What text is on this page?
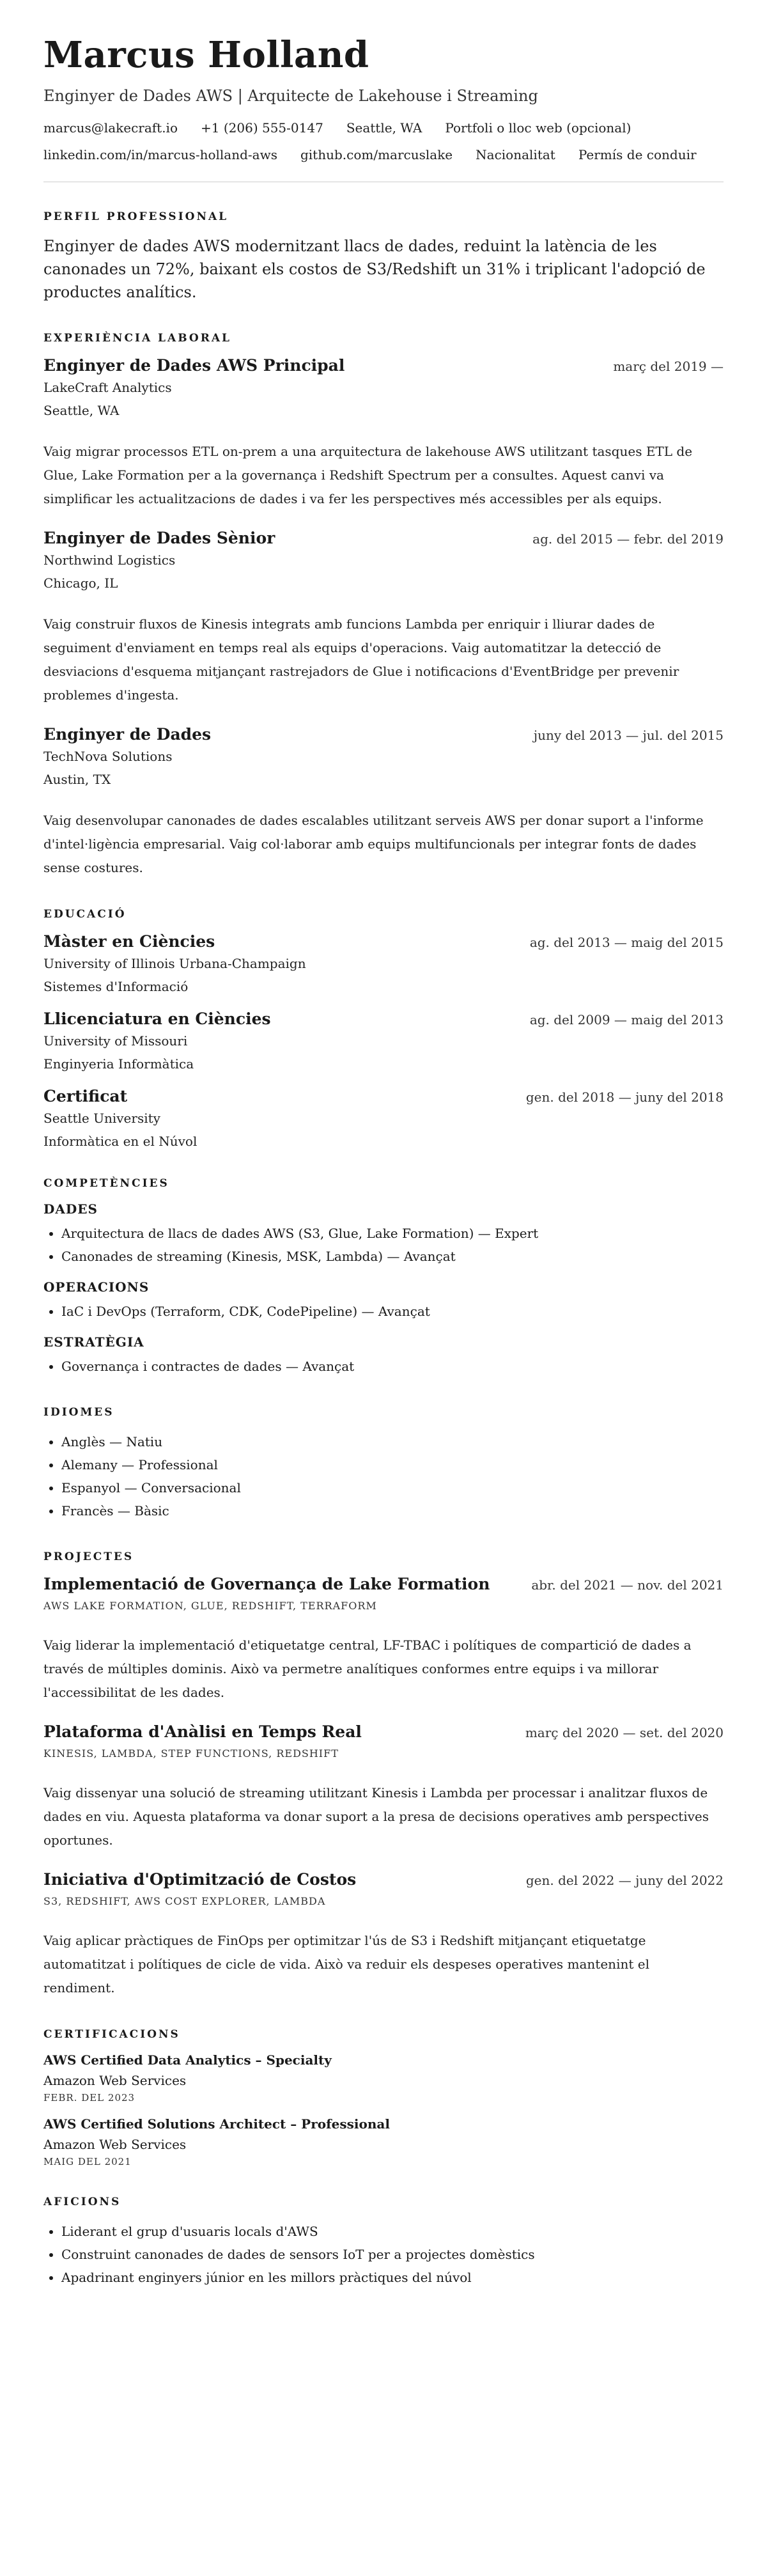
Marcus Holland
Enginyer de Dades AWS | Arquitecte de Lakehouse i Streaming
marcus@lakecraft.io +1 (206) 555-0147 Seattle, WA Portfoli o lloc web (opcional)
linkedin.com/in/marcus-holland-aws github.com/marcuslake Nacionalitat Permís de conduir
PERFIL PROFESSIONAL

Enginyer de dades AWS modernitzant llacs de dades, reduint la latència de les canonades un 72%, baixant els costos de S3/Redshift un 31% i triplicant l'adopció de productes analítics.

EXPERIÈNCIA LABORAL
Enginyer de Dades AWS Principal	març del 2019 —
LakeCraft Analytics
Seattle, WA
Vaig migrar processos ETL on-prem a una arquitectura de lakehouse AWS utilitzant tasques ETL de Glue, Lake Formation per a la governança i Redshift Spectrum per a consultes. Aquest canvi va simplificar les actualitzacions de dades i va fer les perspectives més accessibles per als equips.
Enginyer de Dades Sènior	ag. del 2015 — febr. del 2019
Northwind Logistics
Chicago, IL
Vaig construir fluxos de Kinesis integrats amb funcions Lambda per enriquir i lliurar dades de seguiment d'enviament en temps real als equips d'operacions. Vaig automatitzar la detecció de desviacions d'esquema mitjançant rastrejadors de Glue i notificacions d'EventBridge per prevenir problemes d'ingesta.
Enginyer de Dades	juny del 2013 — jul. del 2015
TechNova Solutions
Austin, TX
Vaig desenvolupar canonades de dades escalables utilitzant serveis AWS per donar suport a l'informe d'intel·ligència empresarial. Vaig col·laborar amb equips multifuncionals per integrar fonts de dades sense costures.
EDUCACIÓ
Màster en Ciències	ag. del 2013 — maig del 2015
University of Illinois Urbana-Champaign
Sistemes d'Informació
Llicenciatura en Ciències	ag. del 2009 — maig del 2013
University of Missouri
Enginyeria Informàtica
Certificat	gen. del 2018 — juny del 2018
Seattle University
Informàtica en el Núvol
COMPETÈNCIES
DADES
• Arquitectura de llacs de dades AWS (S3, Glue, Lake Formation) — Expert
• Canonades de streaming (Kinesis, MSK, Lambda) — Avançat
OPERACIONS
• IaC i DevOps (Terraform, CDK, CodePipeline) — Avançat
ESTRATÈGIA
• Governança i contractes de dades — Avançat
IDIOMES
• Anglès — Natiu
• Alemany — Professional
• Espanyol — Conversacional
• Francès — Bàsic
PROJECTES
Implementació de Governança de Lake Formation	abr. del 2021 — nov. del 2021
AWS LAKE FORMATION, GLUE, REDSHIFT, TERRAFORM
Vaig liderar la implementació d'etiquetatge central, LF-TBAC i polítiques de compartició de dades a través de múltiples dominis. Això va permetre analítiques conformes entre equips i va millorar l'accessibilitat de les dades.
Plataforma d'Anàlisi en Temps Real	març del 2020 — set. del 2020
KINESIS, LAMBDA, STEP FUNCTIONS, REDSHIFT
Vaig dissenyar una solució de streaming utilitzant Kinesis i Lambda per processar i analitzar fluxos de dades en viu. Aquesta plataforma va donar suport a la presa de decisions operatives amb perspectives oportunes.
Iniciativa d'Optimització de Costos	gen. del 2022 — juny del 2022
S3, REDSHIFT, AWS COST EXPLORER, LAMBDA
Vaig aplicar pràctiques de FinOps per optimitzar l'ús de S3 i Redshift mitjançant etiquetatge automatitzat i polítiques de cicle de vida. Això va reduir els despeses operatives mantenint el rendiment.
CERTIFICACIONS
AWS Certified Data Analytics – Specialty
Amazon Web Services
FEBR. DEL 2023
AWS Certified Solutions Architect – Professional
Amazon Web Services
MAIG DEL 2021
AFICIONS
• Liderant el grup d'usuaris locals d'AWS
• Construint canonades de dades de sensors IoT per a projectes domèstics
• Apadrinant enginyers júnior en les millors pràctiques del núvol
